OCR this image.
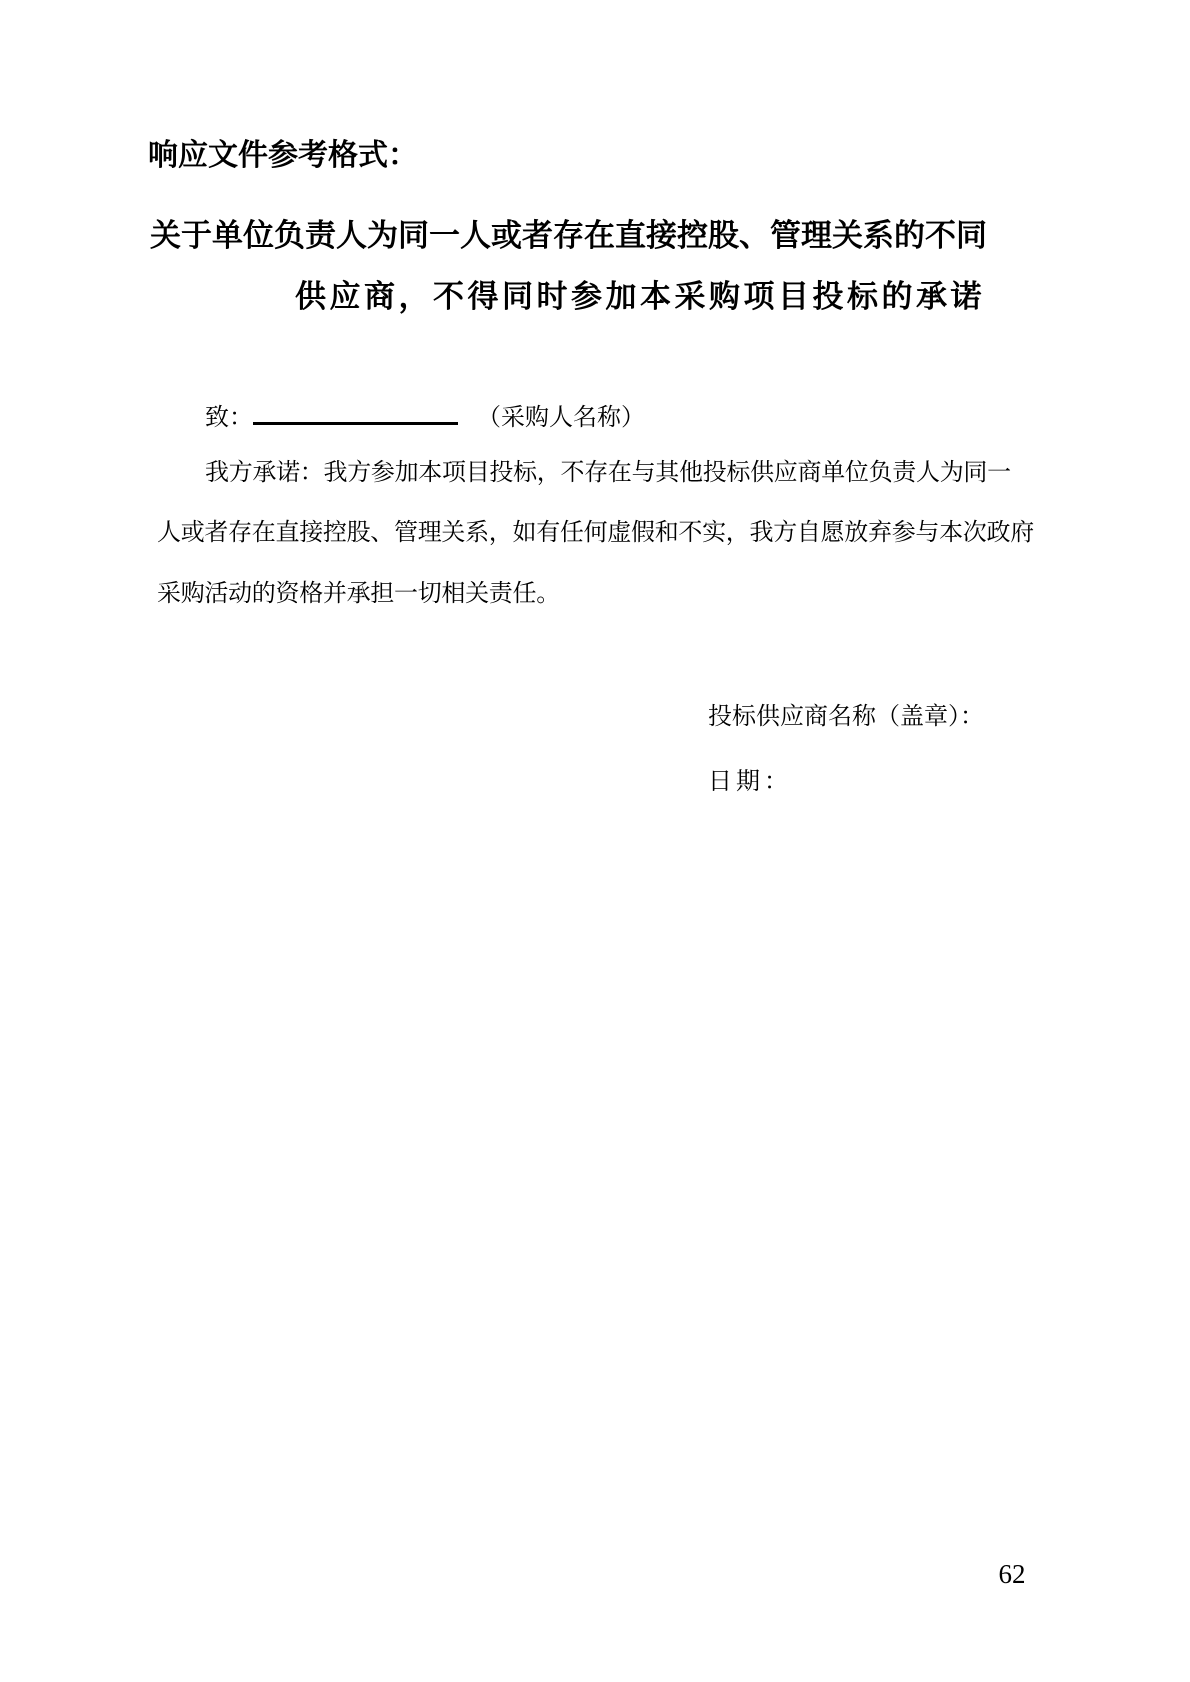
响应文件参考格式：
关于单位负责人为同一人或者存在直接控股、管理关系的不同
供应商，不得同时参加本采购项目投标的承诺
致：	（采购人名称）
我方承诺：我方参加本项目投标，不存在与其他投标供应商单位负责人为同一
人或者存在直接控股、管理关系，如有任何虚假和不实，我方自愿放弃参与本次政府
采购活动的资格并承担一切相关责任。
投标供应商名称（盖章）：
日期：
62
